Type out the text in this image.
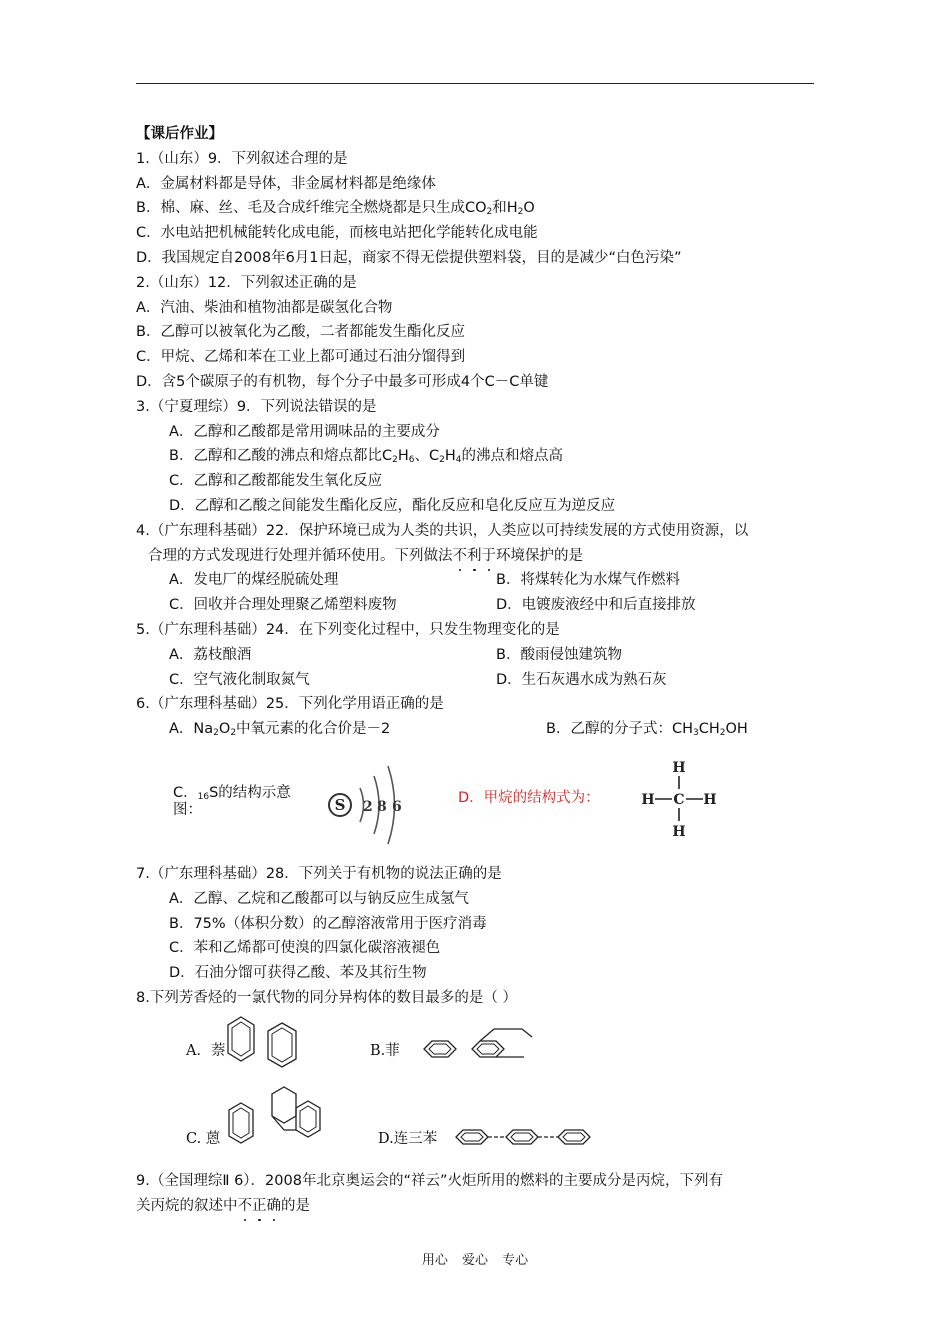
【课后作业】
1.（山东）9．下列叙述合理的是
A．金属材料都是导体，非金属材料都是绝缘体
B．棉、麻、丝、毛及合成纤维完全燃烧都是只生成$CO_2$和$H_2O$
C．水电站把机械能转化成电能，而核电站把化学能转化成电能
D．我国规定自2008年6月1日起，商家不得无偿提供塑料袋，目的是减少“白色污染”
2.（山东）12．下列叙述正确的是
A．汽油、柴油和植物油都是碳氢化合物
B．乙醇可以被氧化为乙酸，二者都能发生酯化反应
C．甲烷、乙烯和苯在工业上都可通过石油分馏得到
D．含5个碳原子的有机物，每个分子中最多可形成4个C－C单键
3.（宁夏理综）9．下列说法错误的是
A．乙醇和乙酸都是常用调味品的主要成分
B．乙醇和乙酸的沸点和熔点都比$C_2H_6$、$C_2H_4$的沸点和熔点高
C．乙醇和乙酸都能发生氧化反应
D．乙醇和乙酸之间能发生酯化反应，酯化反应和皂化反应互为逆反应
4.（广东理科基础）22．保护环境已成为人类的共识，人类应以可持续发展的方式使用资源，以
合理的方式发现进行处理并循环使用。下列做法不利于环境保护的是
A．发电厂的煤经脱硫处理	B．将煤转化为水煤气作燃料
C．回收并合理处理聚乙烯塑料废物	D．电镀废液经中和后直接排放
5.（广东理科基础）24．在下列变化过程中，只发生物理变化的是
A．荔枝酿酒	B．酸雨侵蚀建筑物
C．空气液化制取氮气	D．生石灰遇水成为熟石灰
6.（广东理科基础）25．下列化学用语正确的是
A．$Na_2O_2$中氧元素的化合价是－2	B．乙醇的分子式：$CH_3CH_2OH$
C．$_{16}$S的结构示意
图：	S 2 8 6
D．甲烷的结构式为：
H
H C H
H
7.（广东理科基础）28．下列关于有机物的说法正确的是
A．乙醇、乙烷和乙酸都可以与钠反应生成氢气
B．75%（体积分数）的乙醇溶液常用于医疗消毒
C．苯和乙烯都可使溴的四氯化碳溶液褪色
D．石油分馏可获得乙酸、苯及其衍生物
8.下列芳香烃的一氯代物的同分异构体的数目最多的是（ ）
A．萘	B.菲
C. 蒽	D.连三苯
9.（全国理综Ⅱ 6）．2008年北京奥运会的“祥云”火炬所用的燃料的主要成分是丙烷，下列有
关丙烷的叙述中不正确的是
用心 爱心 专心
